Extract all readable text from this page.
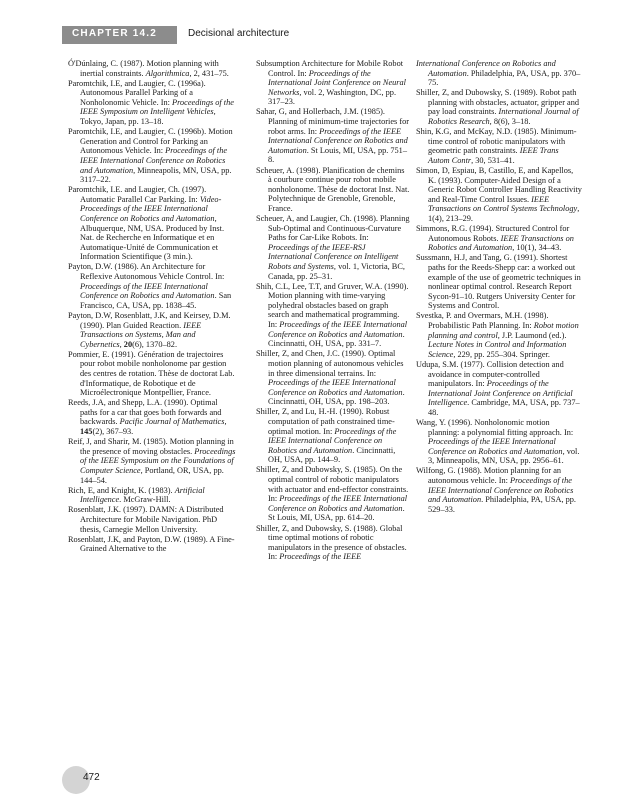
CHAPTER 14.2	Decisional architecture

Ó'Dúnlaing, C. (1987). Motion planning with inertial constraints. Algorithmica, 2, 431–75.

Paromtchik, I.E, and Laugier, C. (1996a). Autonomous Parallel Parking of a Nonholonomic Vehicle. In: Proceedings of the IEEE Symposium on Intelligent Vehicles, Tokyo, Japan, pp. 13–18.

Paromtchik, I.E, and Laugier, C. (1996b). Motion Generation and Control for Parking an Autonomous Vehicle. In: Proceedings of the IEEE International Conference on Robotics and Automation, Minneapolis, MN, USA, pp. 3117–22.

Paromtchik, I.E. and Laugier, Ch. (1997). Automatic Parallel Car Parking. In: Video-Proceedings of the IEEE International Conference on Robotics and Automation, Albuquerque, NM, USA. Produced by Inst. Nat. de Recherche en Informatique et en Automatique-Unité de Communication et Information Scientifique (3 min.).

Payton, D.W. (1986). An Architecture for Reflexive Autonomous Vehicle Control. In: Proceedings of the IEEE International Conference on Robotics and Automation. San Francisco, CA, USA, pp. 1838–45.

Payton, D.W, Rosenblatt, J.K, and Keirsey, D.M. (1990). Plan Guided Reaction. IEEE Transactions on Systems, Man and Cybernetics, 20(6), 1370–82.

Pommier, E. (1991). Génération de trajectoires pour robot mobile nonholonome par gestion des centres de rotation. Thèse de doctorat Lab. d'Informatique, de Robotique et de Microélectronique Montpellier, France.

Reeds, J.A, and Shepp, L.A. (1990). Optimal paths for a car that goes both forwards and backwards. Pacific Journal of Mathematics, 145(2), 367–93.

Reif, J, and Sharir, M. (1985). Motion planning in the presence of moving obstacles. Proceedings of the IEEE Symposium on the Foundations of Computer Science, Portland, OR, USA, pp. 144–54.

Rich, E, and Knight, K. (1983). Artificial Intelligence. McGraw-Hill.

Rosenblatt, J.K. (1997). DAMN: A Distributed Architecture for Mobile Navigation. PhD thesis, Carnegie Mellon University.

Rosenblatt, J.K, and Payton, D.W. (1989). A Fine-Grained Alternative to the

Subsumption Architecture for Mobile Robot Control. In: Proceedings of the International Joint Conference on Neural Networks, vol. 2, Washington, DC, pp. 317–23.

Sahar, G, and Hollerbach, J.M. (1985). Planning of minimum-time trajectories for robot arms. In: Proceedings of the IEEE International Conference on Robotics and Automation. St Louis, MI, USA, pp. 751–8.

Scheuer, A. (1998). Planification de chemins à courbure continue pour robot mobile nonholonome. Thèse de doctorat Inst. Nat. Polytechnique de Grenoble, Grenoble, France.

Scheuer, A, and Laugier, Ch. (1998). Planning Sub-Optimal and Continuous-Curvature Paths for Car-Like Robots. In: Proceedings of the IEEE-RSJ International Conference on Intelligent Robots and Systems, vol. 1, Victoria, BC, Canada, pp. 25–31.

Shih, C.L, Lee, T.T, and Gruver, W.A. (1990). Motion planning with time-varying polyhedral obstacles based on graph search and mathematical programming. In: Proceedings of the IEEE International Conference on Robotics and Automation. Cincinnatti, OH, USA, pp. 331–7.

Shiller, Z, and Chen, J.C. (1990). Optimal motion planning of autonomous vehicles in three dimensional terrains. In: Proceedings of the IEEE International Conference on Robotics and Automation. Cincinnatti, OH, USA, pp. 198–203.

Shiller, Z, and Lu, H.-H. (1990). Robust computation of path constrained time-optimal motion. In: Proceedings of the IEEE International Conference on Robotics and Automation. Cincinnatti, OH, USA, pp. 144–9.

Shiller, Z, and Dubowsky, S. (1985). On the optimal control of robotic manipulators with actuator and end-effector constraints. In: Proceedings of the IEEE International Conference on Robotics and Automation. St Louis, MI, USA, pp. 614–20.

Shiller, Z, and Dubowsky, S. (1988). Global time optimal motions of robotic manipulators in the presence of obstacles. In: Proceedings of the IEEE

International Conference on Robotics and Automation. Philadelphia, PA, USA, pp. 370–75.

Shiller, Z, and Dubowsky, S. (1989). Robot path planning with obstacles, actuator, gripper and pay load constraints. International Journal of Robotics Research, 8(6), 3–18.

Shin, K.G, and McKay, N.D. (1985). Minimum-time control of robotic manipulators with geometric path constraints. IEEE Trans Autom Contr, 30, 531–41.

Simon, D, Espiau, B, Castillo, E, and Kapellos, K. (1993). Computer-Aided Design of a Generic Robot Controller Handling Reactivity and Real-Time Control Issues. IEEE Transactions on Control Systems Technology, 1(4), 213–29.

Simmons, R.G. (1994). Structured Control for Autonomous Robots. IEEE Transactions on Robotics and Automation, 10(1), 34–43.

Sussmann, H.J, and Tang, G. (1991). Shortest paths for the Reeds-Shepp car: a worked out example of the use of geometric techniques in nonlinear optimal control. Research Report Sycon-91–10. Rutgers University Center for Systems and Control.

Svestka, P. and Overmars, M.H. (1998). Probabilistic Path Planning. In: Robot motion planning and control, J.P. Laumond (ed.). Lecture Notes in Control and Information Science, 229, pp. 255–304. Springer.

Udupa, S.M. (1977). Collision detection and avoidance in computer-controlled manipulators. In: Proceedings of the International Joint Conference on Artificial Intelligence. Cambridge, MA, USA, pp. 737–48.

Wang, Y. (1996). Nonholonomic motion planning: a polynomial fitting approach. In: Proceedings of the IEEE International Conference on Robotics and Automation, vol. 3, Minneapolis, MN, USA, pp. 2956–61.

Wilfong, G. (1988). Motion planning for an autonomous vehicle. In: Proceedings of the IEEE International Conference on Robotics and Automation. Philadelphia, PA, USA, pp. 529–33.

472
